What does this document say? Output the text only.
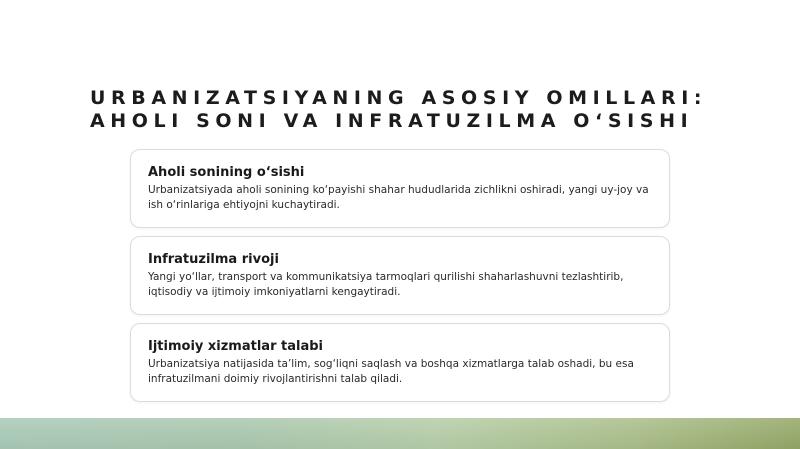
URBANIZATSIYANING ASOSIY OMILLARI:
AHOLI SONI VA INFRATUZILMA O‘SISHI
Aholi sonining o‘sishi

Urbanizatsiyada aholi sonining ko‘payishi shahar hududlarida zichlikni oshiradi, yangi uy-joy va ish o‘rinlariga ehtiyojni kuchaytiradi.

Infratuzilma rivoji

Yangi yo‘llar, transport va kommunikatsiya tarmoqlari qurilishi shaharlashuvni tezlashtirib, iqtisodiy va ijtimoiy imkoniyatlarni kengaytiradi.

Ijtimoiy xizmatlar talabi

Urbanizatsiya natijasida ta’lim, sog‘liqni saqlash va boshqa xizmatlarga talab oshadi, bu esa infratuzilmani doimiy rivojlantirishni talab qiladi.
